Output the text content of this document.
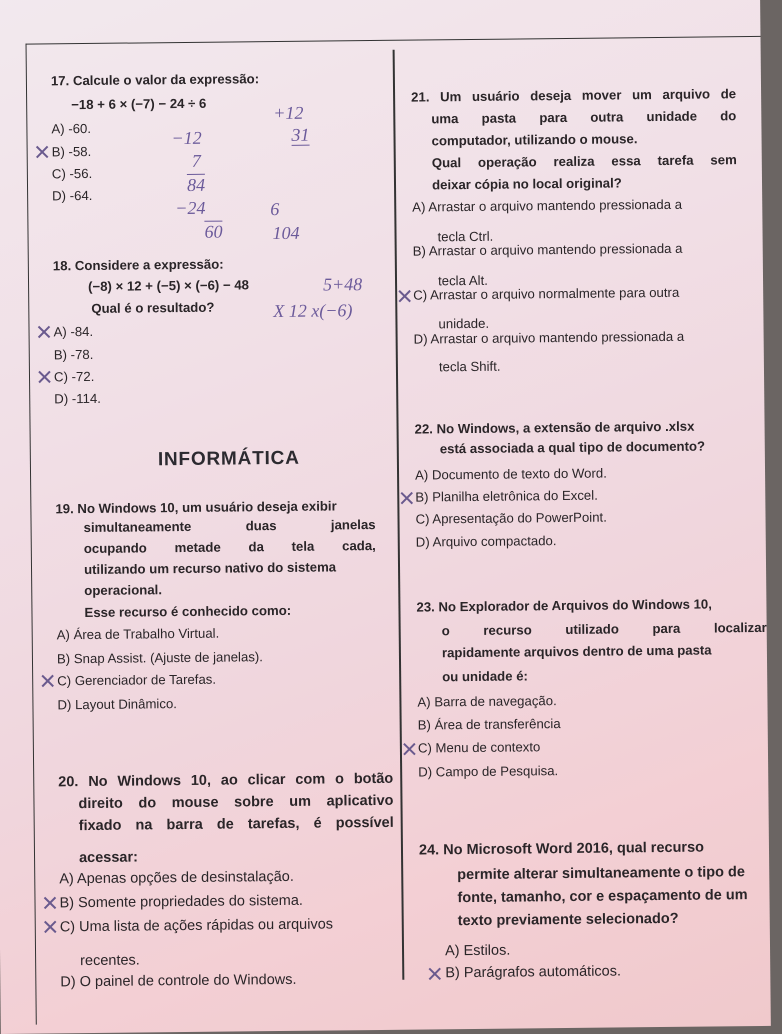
17. Calcule o valor da expressão:
−18 + 6 × (−7) − 24 ÷ 6
A) -60.
B) -58.
C) -56.
D) -64.
18. Considere a expressão:
(−8) × 12 + (−5) × (−6) − 48
Qual é o resultado?
A) -84.
B) -78.
C) -72.
D) -114.
−12
7
84
−24
60
+12
31
6
104
5+48
X 12 x(−6)
INFORMÁTICA
19. No Windows 10, um usuário deseja exibir
simultaneamente duas janelas
ocupando metade da tela cada,
utilizando um recurso nativo do sistema
operacional.
Esse recurso é conhecido como:
A) Área de Trabalho Virtual.
B) Snap Assist. (Ajuste de janelas).
C) Gerenciador de Tarefas.
D) Layout Dinâmico.
20. No Windows 10, ao clicar com o botão
direito do mouse sobre um aplicativo
fixado na barra de tarefas, é possível
acessar:
A) Apenas opções de desinstalação.
B) Somente propriedades do sistema.
C) Uma lista de ações rápidas ou arquivos
recentes.
D) O painel de controle do Windows.
21. Um usuário deseja mover um arquivo de
uma pasta para outra unidade do
computador, utilizando o mouse.
Qual operação realiza essa tarefa sem
deixar cópia no local original?
A) Arrastar o arquivo mantendo pressionada a
tecla Ctrl.
B) Arrastar o arquivo mantendo pressionada a
tecla Alt.
C) Arrastar o arquivo normalmente para outra
unidade.
D) Arrastar o arquivo mantendo pressionada a
tecla Shift.
22. No Windows, a extensão de arquivo .xlsx
está associada a qual tipo de documento?
A) Documento de texto do Word.
B) Planilha eletrônica do Excel.
C) Apresentação do PowerPoint.
D) Arquivo compactado.
23. No Explorador de Arquivos do Windows 10,
o recurso utilizado para localizar
rapidamente arquivos dentro de uma pasta
ou unidade é:
A) Barra de navegação.
B) Área de transferência
C) Menu de contexto
D) Campo de Pesquisa.
24. No Microsoft Word 2016, qual recurso
permite alterar simultaneamente o tipo de
fonte, tamanho, cor e espaçamento de um
texto previamente selecionado?
A) Estilos.
B) Parágrafos automáticos.
